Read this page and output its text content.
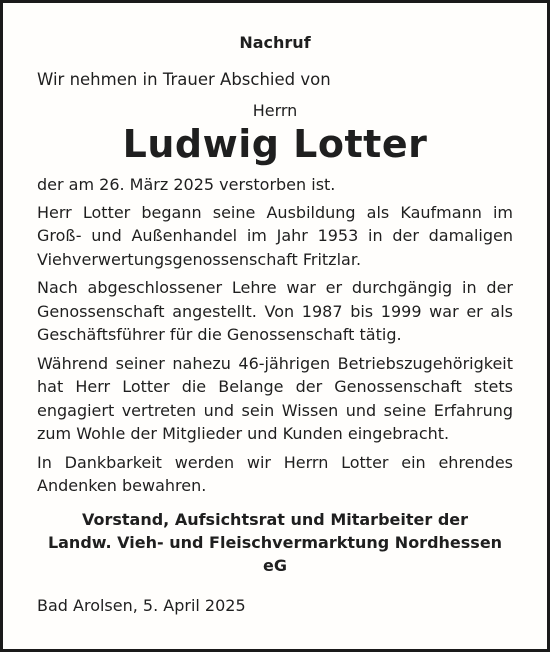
Nachruf
Wir nehmen in Trauer Abschied von
Herrn
Ludwig Lotter
der am 26. März 2025 verstorben ist.
Herr Lotter begann seine Ausbildung als Kaufmann im Groß- und Außenhandel im Jahr 1953 in der damaligen Viehverwertungsgenossenschaft Fritzlar.
Nach abgeschlossener Lehre war er durchgängig in der Genossenschaft angestellt. Von 1987 bis 1999 war er als Geschäftsführer für die Genossenschaft tätig.
Während seiner nahezu 46-jährigen Betriebszugehörigkeit hat Herr Lotter die Belange der Genossenschaft stets engagiert vertreten und sein Wissen und seine Erfahrung zum Wohle der Mitglieder und Kunden eingebracht.
In Dankbarkeit werden wir Herrn Lotter ein ehrendes Andenken bewahren.
Vorstand, Aufsichtsrat und Mitarbeiter der
Landw. Vieh- und Fleischvermarktung Nordhessen eG
Bad Arolsen, 5. April 2025
